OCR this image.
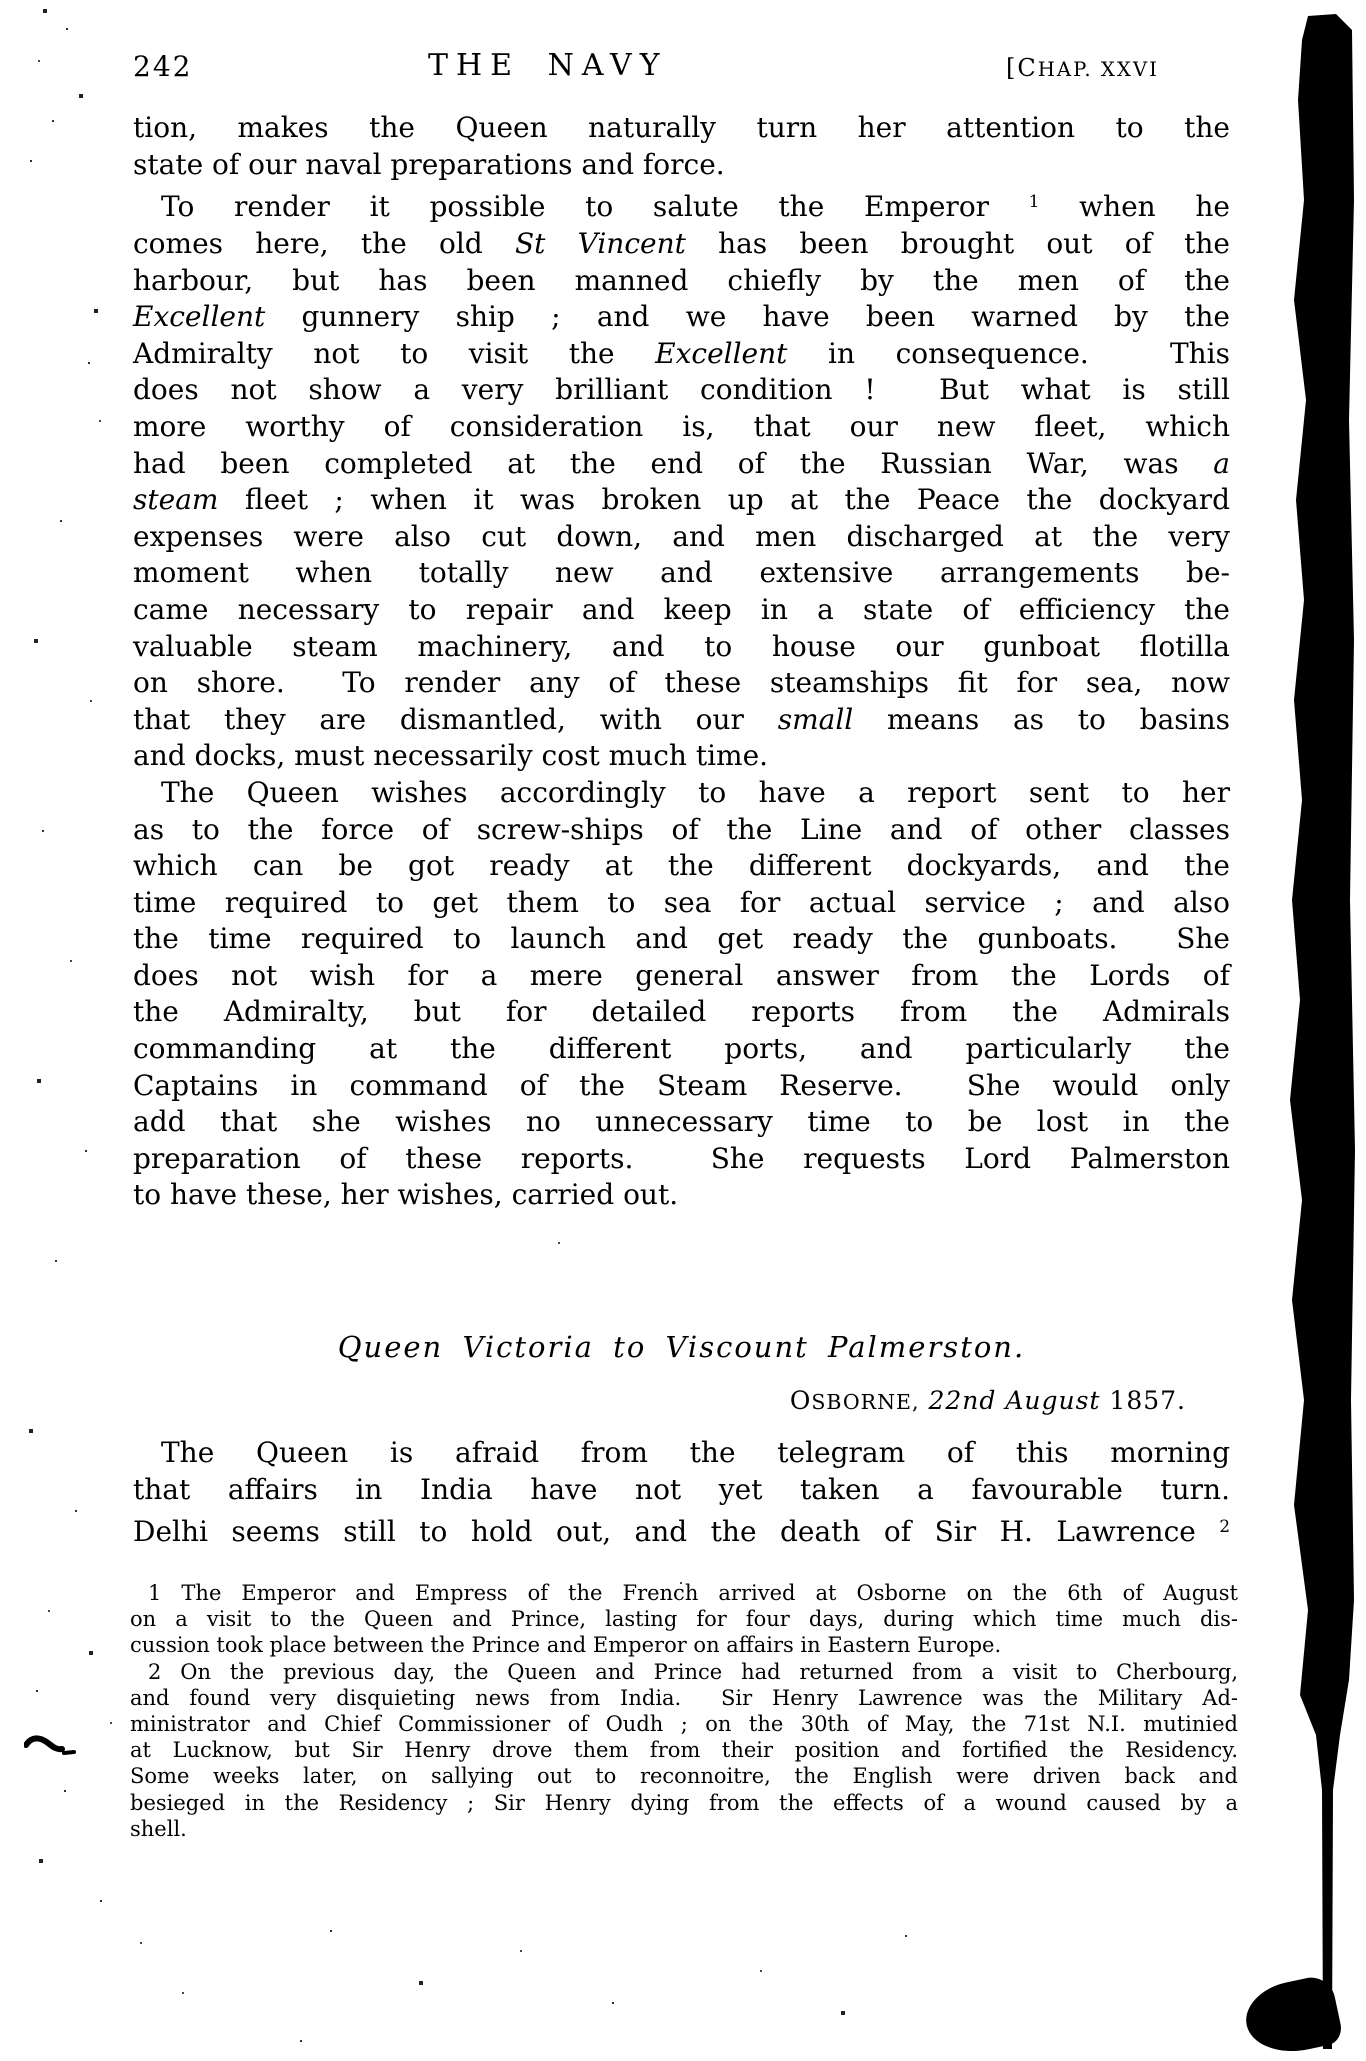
242	THE NAVY	[CHAP. XXVI
tion, makes the Queen naturally turn her attention to the
state of our naval preparations and force.
To render it possible to salute the Emperor $^1$ when he
comes here, the old St Vincent has been brought out of the
harbour, but has been manned chiefly by the men of the
Excellent gunnery ship ; and we have been warned by the
Admiralty not to visit the Excellent in consequence.  This
does not show a very brilliant condition !  But what is still
more worthy of consideration is, that our new fleet, which
had been completed at the end of the Russian War, was a
steam fleet ; when it was broken up at the Peace the dockyard
expenses were also cut down, and men discharged at the very
moment when totally new and extensive arrangements be-
came necessary to repair and keep in a state of efficiency the
valuable steam machinery, and to house our gunboat flotilla
on shore.  To render any of these steamships fit for sea, now
that they are dismantled, with our small means as to basins
and docks, must necessarily cost much time.
The Queen wishes accordingly to have a report sent to her
as to the force of screw-ships of the Line and of other classes
which can be got ready at the different dockyards, and the
time required to get them to sea for actual service ; and also
the time required to launch and get ready the gunboats.  She
does not wish for a mere general answer from the Lords of
the Admiralty, but for detailed reports from the Admirals
commanding at the different ports, and particularly the
Captains in command of the Steam Reserve.  She would only
add that she wishes no unnecessary time to be lost in the
preparation of these reports.  She requests Lord Palmerston
to have these, her wishes, carried out.
Queen Victoria to Viscount Palmerston.
OSBORNE, 22nd August 1857.
The Queen is afraid from the telegram of this morning
that affairs in India have not yet taken a favourable turn.
Delhi seems still to hold out, and the death of Sir H. Lawrence $^2$
1 The Emperor and Empress of the French arrived at Osborne on the 6th of August
on a visit to the Queen and Prince, lasting for four days, during which time much dis-
cussion took place between the Prince and Emperor on affairs in Eastern Europe.
2 On the previous day, the Queen and Prince had returned from a visit to Cherbourg,
and found very disquieting news from India.  Sir Henry Lawrence was the Military Ad-
ministrator and Chief Commissioner of Oudh ; on the 30th of May, the 71st N.I. mutinied
at Lucknow, but Sir Henry drove them from their position and fortified the Residency.
Some weeks later, on sallying out to reconnoitre, the English were driven back and
besieged in the Residency ; Sir Henry dying from the effects of a wound caused by a
shell.
